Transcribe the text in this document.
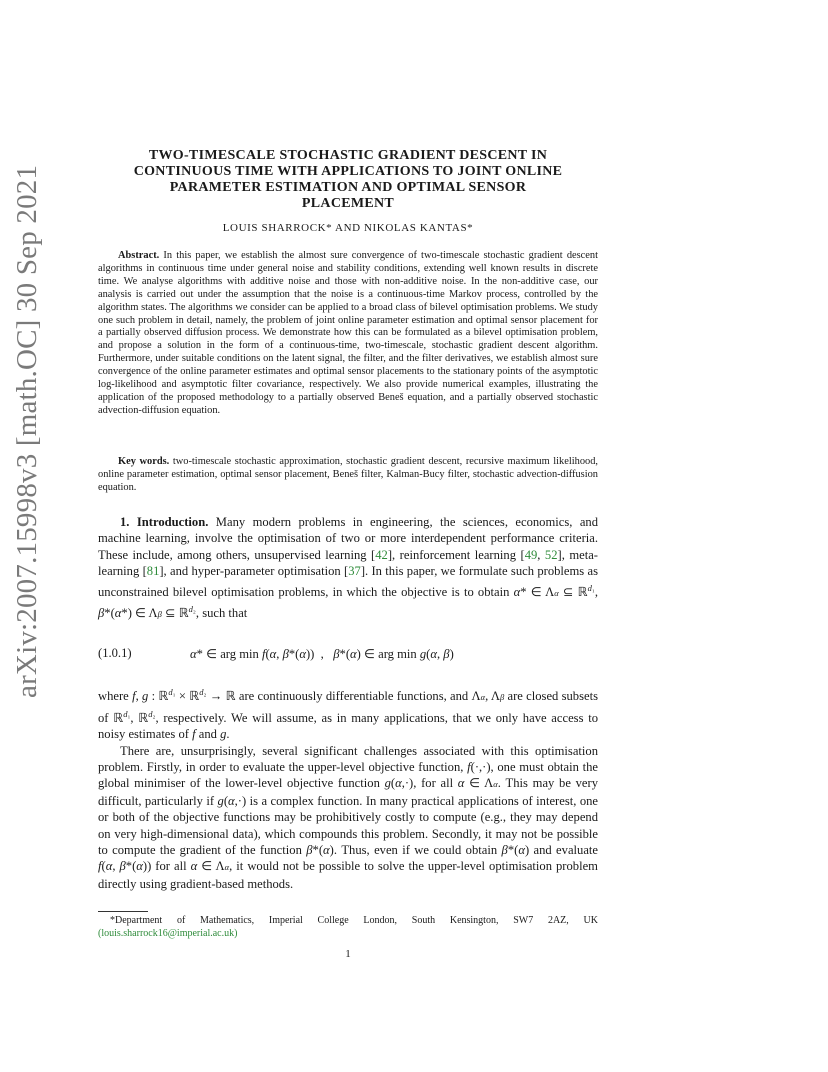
arXiv:2007.15998v3 [math.OC] 30 Sep 2021
TWO-TIMESCALE STOCHASTIC GRADIENT DESCENT IN
CONTINUOUS TIME WITH APPLICATIONS TO JOINT ONLINE
PARAMETER ESTIMATION AND OPTIMAL SENSOR
PLACEMENT
LOUIS SHARROCK* AND NIKOLAS KANTAS*
Abstract. In this paper, we establish the almost sure convergence of two-timescale stochastic gradient descent algorithms in continuous time under general noise and stability conditions, extending well known results in discrete time. We analyse algorithms with additive noise and those with non-additive noise. In the non-additive case, our analysis is carried out under the assumption that the noise is a continuous-time Markov process, controlled by the algorithm states. The algorithms we consider can be applied to a broad class of bilevel optimisation problems. We study one such problem in detail, namely, the problem of joint online parameter estimation and optimal sensor placement for a partially observed diffusion process. We demonstrate how this can be formulated as a bilevel optimisation problem, and propose a solution in the form of a continuous-time, two-timescale, stochastic gradient descent algorithm. Furthermore, under suitable conditions on the latent signal, the filter, and the filter derivatives, we establish almost sure convergence of the online parameter estimates and optimal sensor placements to the stationary points of the asymptotic log-likelihood and asymptotic filter covariance, respectively. We also provide numerical examples, illustrating the application of the proposed methodology to a partially observed Beneš equation, and a partially observed stochastic advection-diffusion equation.
Key words. two-timescale stochastic approximation, stochastic gradient descent, recursive maximum likelihood, online parameter estimation, optimal sensor placement, Beneš filter, Kalman-Bucy filter, stochastic advection-diffusion equation.

1. Introduction. Many modern problems in engineering, the sciences, economics, and machine learning, involve the optimisation of two or more interdependent performance criteria. These include, among others, unsupervised learning [42], reinforcement learning [49, 52], meta-learning [81], and hyper-parameter optimisation [37]. In this paper, we formulate such problems as unconstrained bilevel optimisation problems, in which the objective is to obtain α* ∈ Λα ⊆ ℝ$^{d_1}$, β*(α*) ∈ Λβ ⊆ ℝ$^{d_2}$, such that

(1.0.1)	α* ∈ arg min f(α, β*(α))  ,   β*(α) ∈ arg min g(α, β)

where f, g : ℝ$^{d_1}$ × ℝ$^{d_2}$ → ℝ are continuously differentiable functions, and Λα, Λβ are closed subsets of ℝ$^{d_1}$, ℝ$^{d_2}$, respectively. We will assume, as in many applications, that we only have access to noisy estimates of f and g.

There are, unsurprisingly, several significant challenges associated with this optimisation problem. Firstly, in order to evaluate the upper-level objective function, f(·,·), one must obtain the global minimiser of the lower-level objective function g(α,·), for all α ∈ Λα. This may be very difficult, particularly if g(α,·) is a complex function. In many practical applications of interest, one or both of the objective functions may be prohibitively costly to compute (e.g., they may depend on very high-dimensional data), which compounds this problem. Secondly, it may not be possible to compute the gradient of the function β*(α). Thus, even if we could obtain β*(α) and evaluate f(α, β*(α)) for all α ∈ Λα, it would not be possible to solve the upper-level optimisation problem directly using gradient-based methods.

*Department of Mathematics, Imperial College London, South Kensington, SW7 2AZ, UK (louis.sharrock16@imperial.ac.uk)
1
